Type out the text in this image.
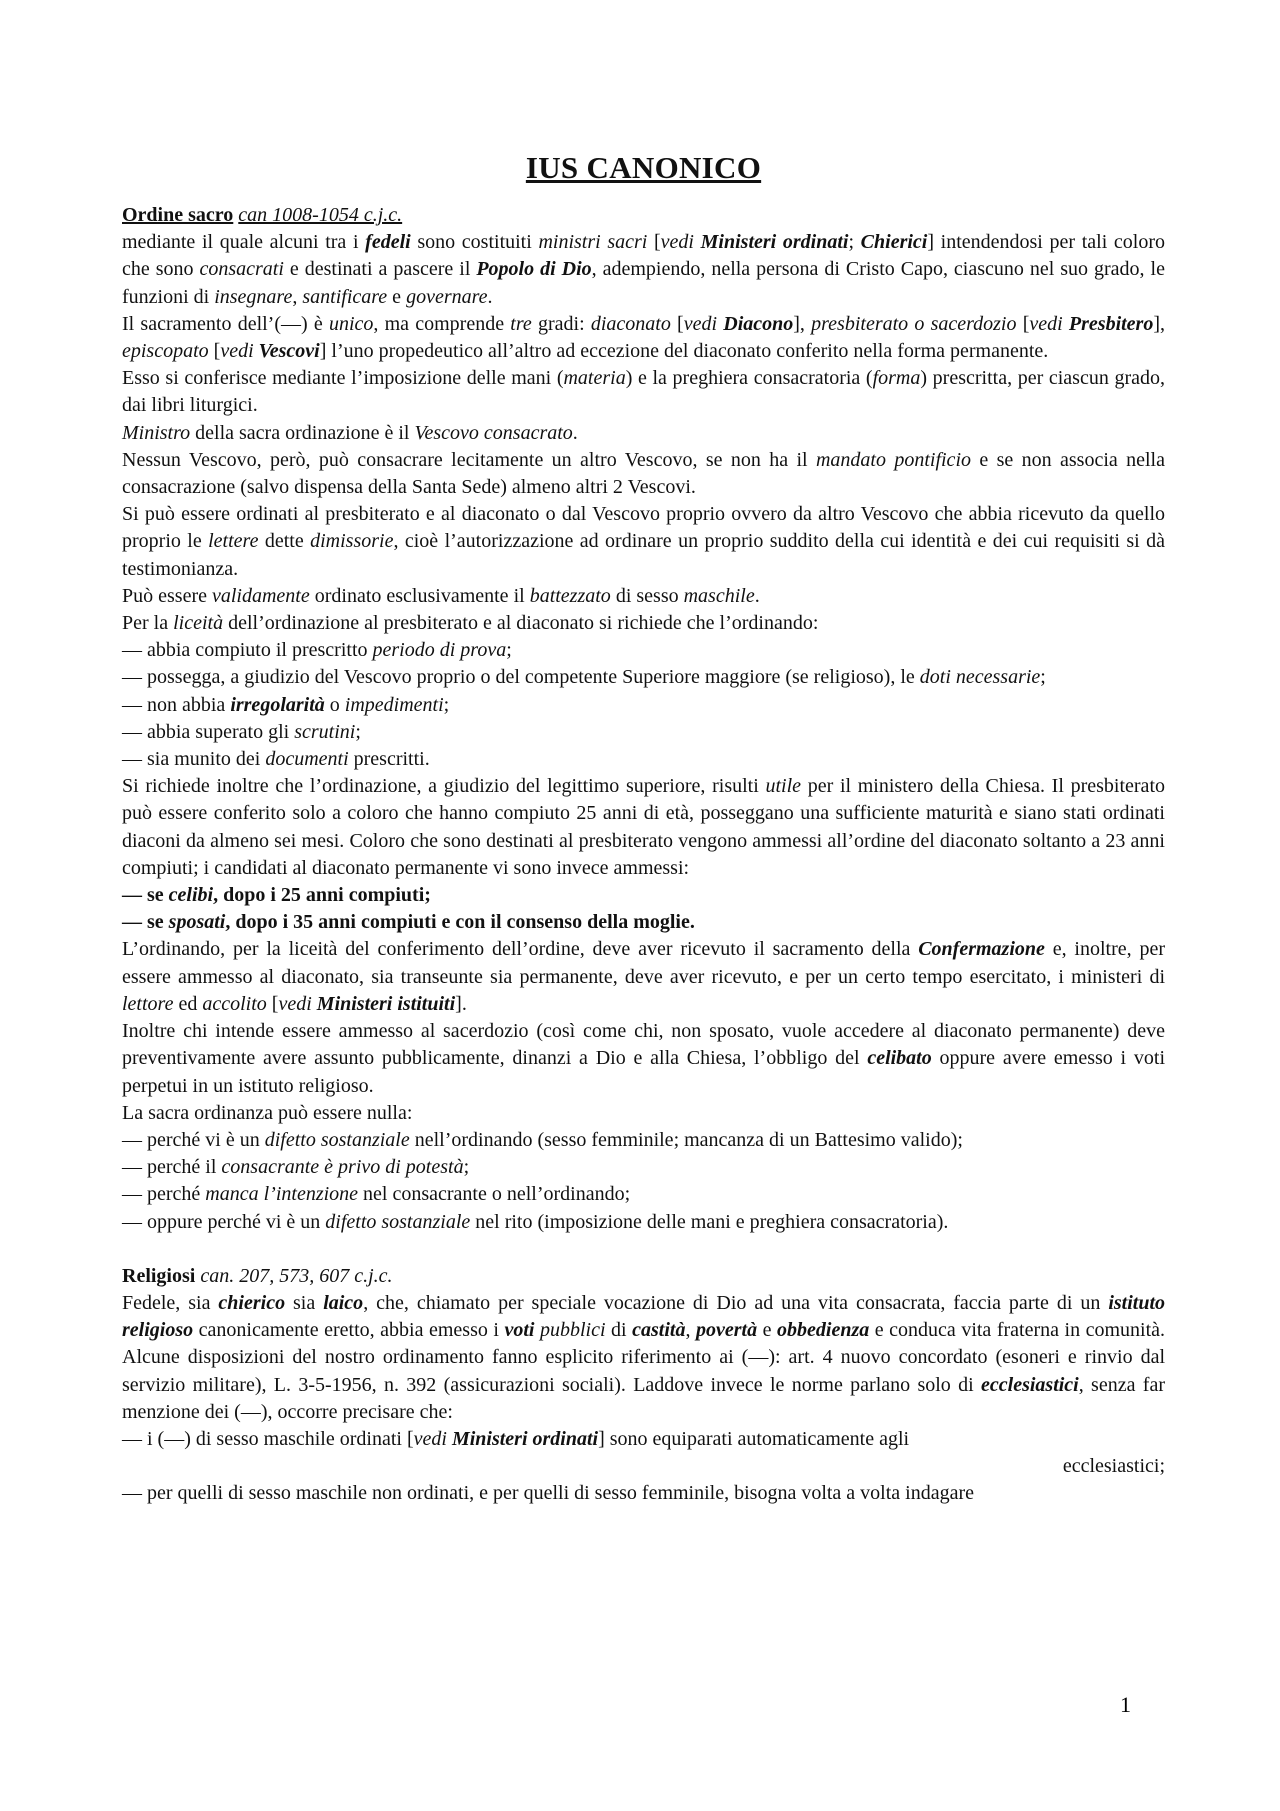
IUS CANONICO
Ordine sacro can 1008-1054 c.j.c.

mediante il quale alcuni tra i fedeli sono costituiti ministri sacri [vedi Ministeri ordinati; Chierici] intendendosi per tali coloro che sono consacrati e destinati a pascere il Popolo di Dio, adempiendo, nella persona di Cristo Capo, ciascuno nel suo grado, le funzioni di insegnare, santificare e governare.

Il sacramento dell’(—) è unico, ma comprende tre gradi: diaconato [vedi Diacono], presbiterato o sacerdozio [vedi Presbitero], episcopato [vedi Vescovi] l’uno propedeutico all’altro ad eccezione del diaconato conferito nella forma permanente.

Esso si conferisce mediante l’imposizione delle mani (materia) e la preghiera consacratoria (forma) prescritta, per ciascun grado, dai libri liturgici.

Ministro della sacra ordinazione è il Vescovo consacrato.

Nessun Vescovo, però, può consacrare lecitamente un altro Vescovo, se non ha il mandato pontificio e se non associa nella consacrazione (salvo dispensa della Santa Sede) almeno altri 2 Vescovi.

Si può essere ordinati al presbiterato e al diaconato o dal Vescovo proprio ovvero da altro Vescovo che abbia ricevuto da quello proprio le lettere dette dimissorie, cioè l’autorizzazione ad ordinare un proprio suddito della cui identità e dei cui requisiti si dà testimonianza.

Può essere validamente ordinato esclusivamente il battezzato di sesso maschile.

Per la liceità dell’ordinazione al presbiterato e al diaconato si richiede che l’ordinando:

— abbia compiuto il prescritto periodo di prova;
— possegga, a giudizio del Vescovo proprio o del competente Superiore maggiore (se religioso), le doti necessarie;
— non abbia irregolarità o impedimenti;
— abbia superato gli scrutini;
— sia munito dei documenti prescritti.

Si richiede inoltre che l’ordinazione, a giudizio del legittimo superiore, risulti utile per il ministero della Chiesa. Il presbiterato può essere conferito solo a coloro che hanno compiuto 25 anni di età, posseggano una sufficiente maturità e siano stati ordinati diaconi da almeno sei mesi. Coloro che sono destinati al presbiterato vengono ammessi all’ordine del diaconato soltanto a 23 anni compiuti; i candidati al diaconato permanente vi sono invece ammessi:

— se celibi, dopo i 25 anni compiuti;
— se sposati, dopo i 35 anni compiuti e con il consenso della moglie.

L’ordinando, per la liceità del conferimento dell’ordine, deve aver ricevuto il sacramento della Confermazione e, inoltre, per essere ammesso al diaconato, sia transeunte sia permanente, deve aver ricevuto, e per un certo tempo esercitato, i ministeri di lettore ed accolito [vedi Ministeri istituiti].

Inoltre chi intende essere ammesso al sacerdozio (così come chi, non sposato, vuole accedere al diaconato permanente) deve preventivamente avere assunto pubblicamente, dinanzi a Dio e alla Chiesa, l’obbligo del celibato oppure avere emesso i voti perpetui in un istituto religioso.

La sacra ordinanza può essere nulla:

— perché vi è un difetto sostanziale nell’ordinando (sesso femminile; mancanza di un Battesimo valido);
— perché il consacrante è privo di potestà;
— perché manca l’intenzione nel consacrante o nell’ordinando;
— oppure perché vi è un difetto sostanziale nel rito (imposizione delle mani e preghiera consacratoria).
Religiosi can. 207, 573, 607 c.j.c.

Fedele, sia chierico sia laico, che, chiamato per speciale vocazione di Dio ad una vita consacrata, faccia parte di un istituto religioso canonicamente eretto, abbia emesso i voti pubblici di castità, povertà e obbedienza e conduca vita fraterna in comunità. Alcune disposizioni del nostro ordinamento fanno esplicito riferimento ai (—): art. 4 nuovo concordato (esoneri e rinvio dal servizio militare), L. 3-5-1956, n. 392 (assicurazioni sociali). Laddove invece le norme parlano solo di ecclesiastici, senza far menzione dei (—), occorre precisare che:

— i (—) di sesso maschile ordinati [vedi Ministeri ordinati] sono equiparati automaticamente agli
ecclesiastici;
— per quelli di sesso maschile non ordinati, e per quelli di sesso femminile, bisogna volta a volta indagare
1
